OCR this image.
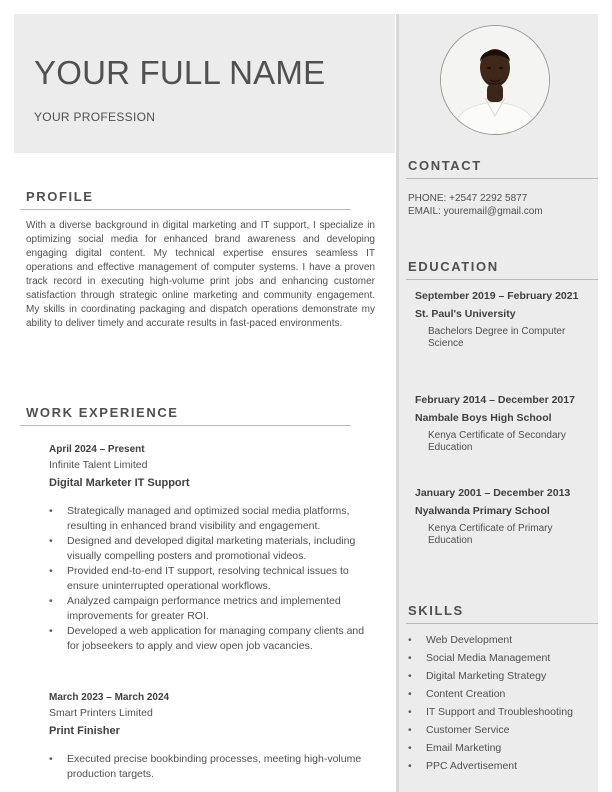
YOUR FULL NAME
YOUR PROFESSION
CONTACT
PHONE: +2547 2292 5877
EMAIL: youremail@gmail.com
EDUCATION
September 2019 – February 2021
St. Paul's University
Bachelors Degree in Computer Science
February 2014 – December 2017
Nambale Boys High School
Kenya Certificate of Secondary Education
January 2001 – December 2013
Nyalwanda Primary School
Kenya Certificate of Primary Education
SKILLS
• Web Development
• Social Media Management
• Digital Marketing Strategy
• Content Creation
• IT Support and Troubleshooting
• Customer Service
• Email Marketing
• PPC Advertisement
PROFILE

With a diverse background in digital marketing and IT support, I specialize in optimizing social media for enhanced brand awareness and developing engaging digital content. My technical expertise ensures seamless IT operations and effective management of computer systems. I have a proven track record in executing high-volume print jobs and enhancing customer satisfaction through strategic online marketing and community engagement. My skills in coordinating packaging and dispatch operations demonstrate my ability to deliver timely and accurate results in fast-paced environments.

WORK EXPERIENCE
April 2024 – Present
Infinite Talent Limited
Digital Marketer IT Support
• Strategically managed and optimized social media platforms, resulting in enhanced brand visibility and engagement.
• Designed and developed digital marketing materials, including visually compelling posters and promotional videos.
• Provided end-to-end IT support, resolving technical issues to ensure uninterrupted operational workflows.
• Analyzed campaign performance metrics and implemented improvements for greater ROI.
• Developed a web application for managing company clients and for jobseekers to apply and view open job vacancies.
March 2023 – March 2024
Smart Printers Limited
Print Finisher
• Executed precise bookbinding processes, meeting high-volume production targets.
